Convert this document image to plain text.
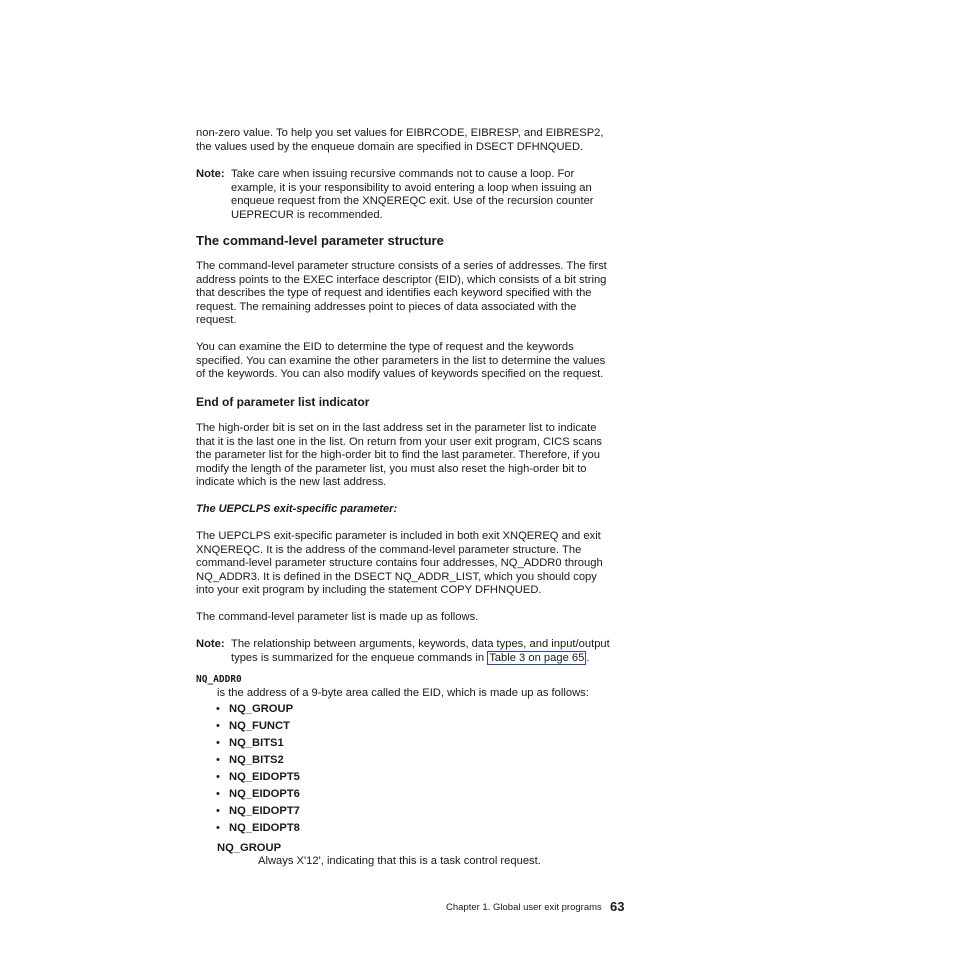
non-zero value. To help you set values for EIBRCODE, EIBRESP, and EIBRESP2,
the values used by the enqueue domain are specified in DSECT DFHNQUED.
Note: Take care when issuing recursive commands not to cause a loop. For
example, it is your responsibility to avoid entering a loop when issuing an
enqueue request from the XNQEREQC exit. Use of the recursion counter
UEPRECUR is recommended.
The command-level parameter structure
The command-level parameter structure consists of a series of addresses. The first
address points to the EXEC interface descriptor (EID), which consists of a bit string
that describes the type of request and identifies each keyword specified with the
request. The remaining addresses point to pieces of data associated with the
request.
You can examine the EID to determine the type of request and the keywords
specified. You can examine the other parameters in the list to determine the values
of the keywords. You can also modify values of keywords specified on the request.
End of parameter list indicator
The high-order bit is set on in the last address set in the parameter list to indicate
that it is the last one in the list. On return from your user exit program, CICS scans
the parameter list for the high-order bit to find the last parameter. Therefore, if you
modify the length of the parameter list, you must also reset the high-order bit to
indicate which is the new last address.
The UEPCLPS exit-specific parameter:
The UEPCLPS exit-specific parameter is included in both exit XNQEREQ and exit
XNQEREQC. It is the address of the command-level parameter structure. The
command-level parameter structure contains four addresses, NQ_ADDR0 through
NQ_ADDR3. It is defined in the DSECT NQ_ADDR_LIST, which you should copy
into your exit program by including the statement COPY DFHNQUED.
The command-level parameter list is made up as follows.
Note: The relationship between arguments, keywords, data types, and input/output
types is summarized for the enqueue commands in Table 3 on page 65 .
NQ_ADDR0
is the address of a 9-byte area called the EID, which is made up as follows:
• NQ_GROUP
• NQ_FUNCT
• NQ_BITS1
• NQ_BITS2
• NQ_EIDOPT5
• NQ_EIDOPT6
• NQ_EIDOPT7
• NQ_EIDOPT8
NQ_GROUP
Always X'12', indicating that this is a task control request.
Chapter 1. Global user exit programs 63
